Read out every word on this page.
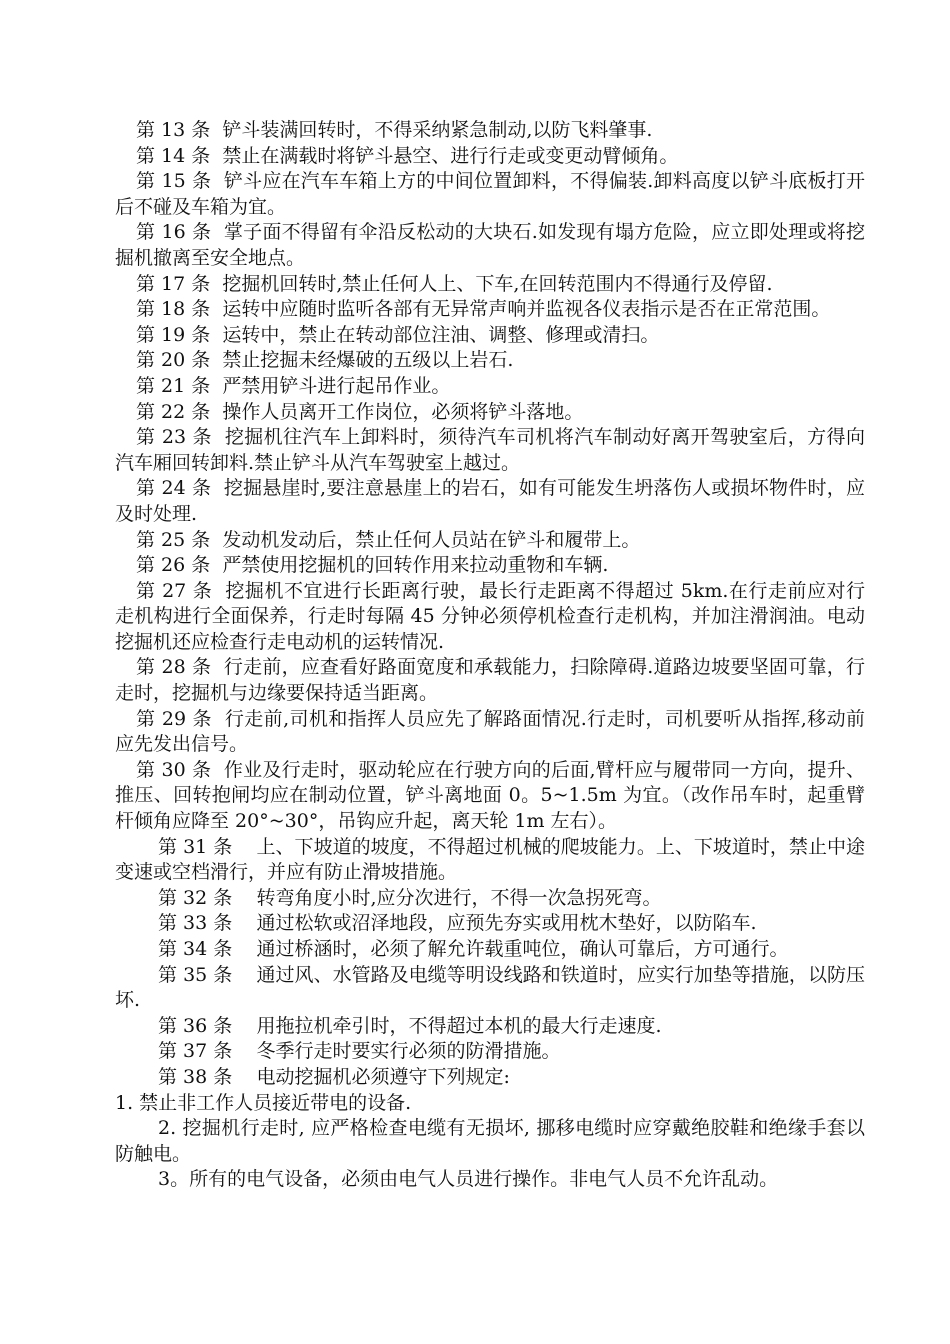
第 13 条 铲斗装满回转时，不得采纳紧急制动,以防飞料肇事.

第 14 条 禁止在满载时将铲斗悬空、进行行走或变更动臂倾角。

第 15 条 铲斗应在汽车车箱上方的中间位置卸料，不得偏装.卸料高度以铲斗底板打开后不碰及车箱为宜。

第 16 条 掌子面不得留有伞沿反松动的大块石.如发现有塌方危险，应立即处理或将挖掘机撤离至安全地点。

第 17 条 挖掘机回转时,禁止任何人上、下车,在回转范围内不得通行及停留.

第 18 条 运转中应随时监听各部有无异常声响并监视各仪表指示是否在正常范围。

第 19 条 运转中，禁止在转动部位注油、调整、修理或清扫。

第 20 条 禁止挖掘未经爆破的五级以上岩石.

第 21 条 严禁用铲斗进行起吊作业。

第 22 条 操作人员离开工作岗位，必须将铲斗落地。

第 23 条 挖掘机往汽车上卸料时，须待汽车司机将汽车制动好离开驾驶室后，方得向汽车厢回转卸料.禁止铲斗从汽车驾驶室上越过。

第 24 条 挖掘悬崖时,要注意悬崖上的岩石，如有可能发生坍落伤人或损坏物件时，应及时处理.

第 25 条 发动机发动后，禁止任何人员站在铲斗和履带上。

第 26 条 严禁使用挖掘机的回转作用来拉动重物和车辆.

第 27 条 挖掘机不宜进行长距离行驶，最长行走距离不得超过 5km.在行走前应对行走机构进行全面保养，行走时每隔 45 分钟必须停机检查行走机构，并加注滑润油。电动挖掘机还应检查行走电动机的运转情况.

第 28 条 行走前，应查看好路面宽度和承载能力，扫除障碍.道路边坡要坚固可靠，行走时，挖掘机与边缘要保持适当距离。

第 29 条 行走前,司机和指挥人员应先了解路面情况.行走时，司机要听从指挥,移动前应先发出信号。

第 30 条 作业及行走时，驱动轮应在行驶方向的后面,臂杆应与履带同一方向，提升、推压、回转抱闸均应在制动位置，铲斗离地面 0。5~1.5m 为宜。（改作吊车时，起重臂杆倾角应降至 20°~30°，吊钩应升起，离天轮 1m 左右）。

第 31 条 上、下坡道的坡度，不得超过机械的爬坡能力。上、下坡道时，禁止中途变速或空档滑行，并应有防止滑坡措施。

第 32 条 转弯角度小时,应分次进行，不得一次急拐死弯。

第 33 条 通过松软或沼泽地段，应预先夯实或用枕木垫好，以防陷车.

第 34 条 通过桥涵时，必须了解允许载重吨位，确认可靠后，方可通行。

第 35 条 通过风、水管路及电缆等明设线路和铁道时，应实行加垫等措施，以防压坏.

第 36 条 用拖拉机牵引时，不得超过本机的最大行走速度.

第 37 条 冬季行走时要实行必须的防滑措施。

第 38 条 电动挖掘机必须遵守下列规定:

1. 禁止非工作人员接近带电的设备.

2. 挖掘机行走时, 应严格检查电缆有无损坏, 挪移电缆时应穿戴绝胶鞋和绝缘手套以防触电。

3。所有的电气设备，必须由电气人员进行操作。非电气人员不允许乱动。
